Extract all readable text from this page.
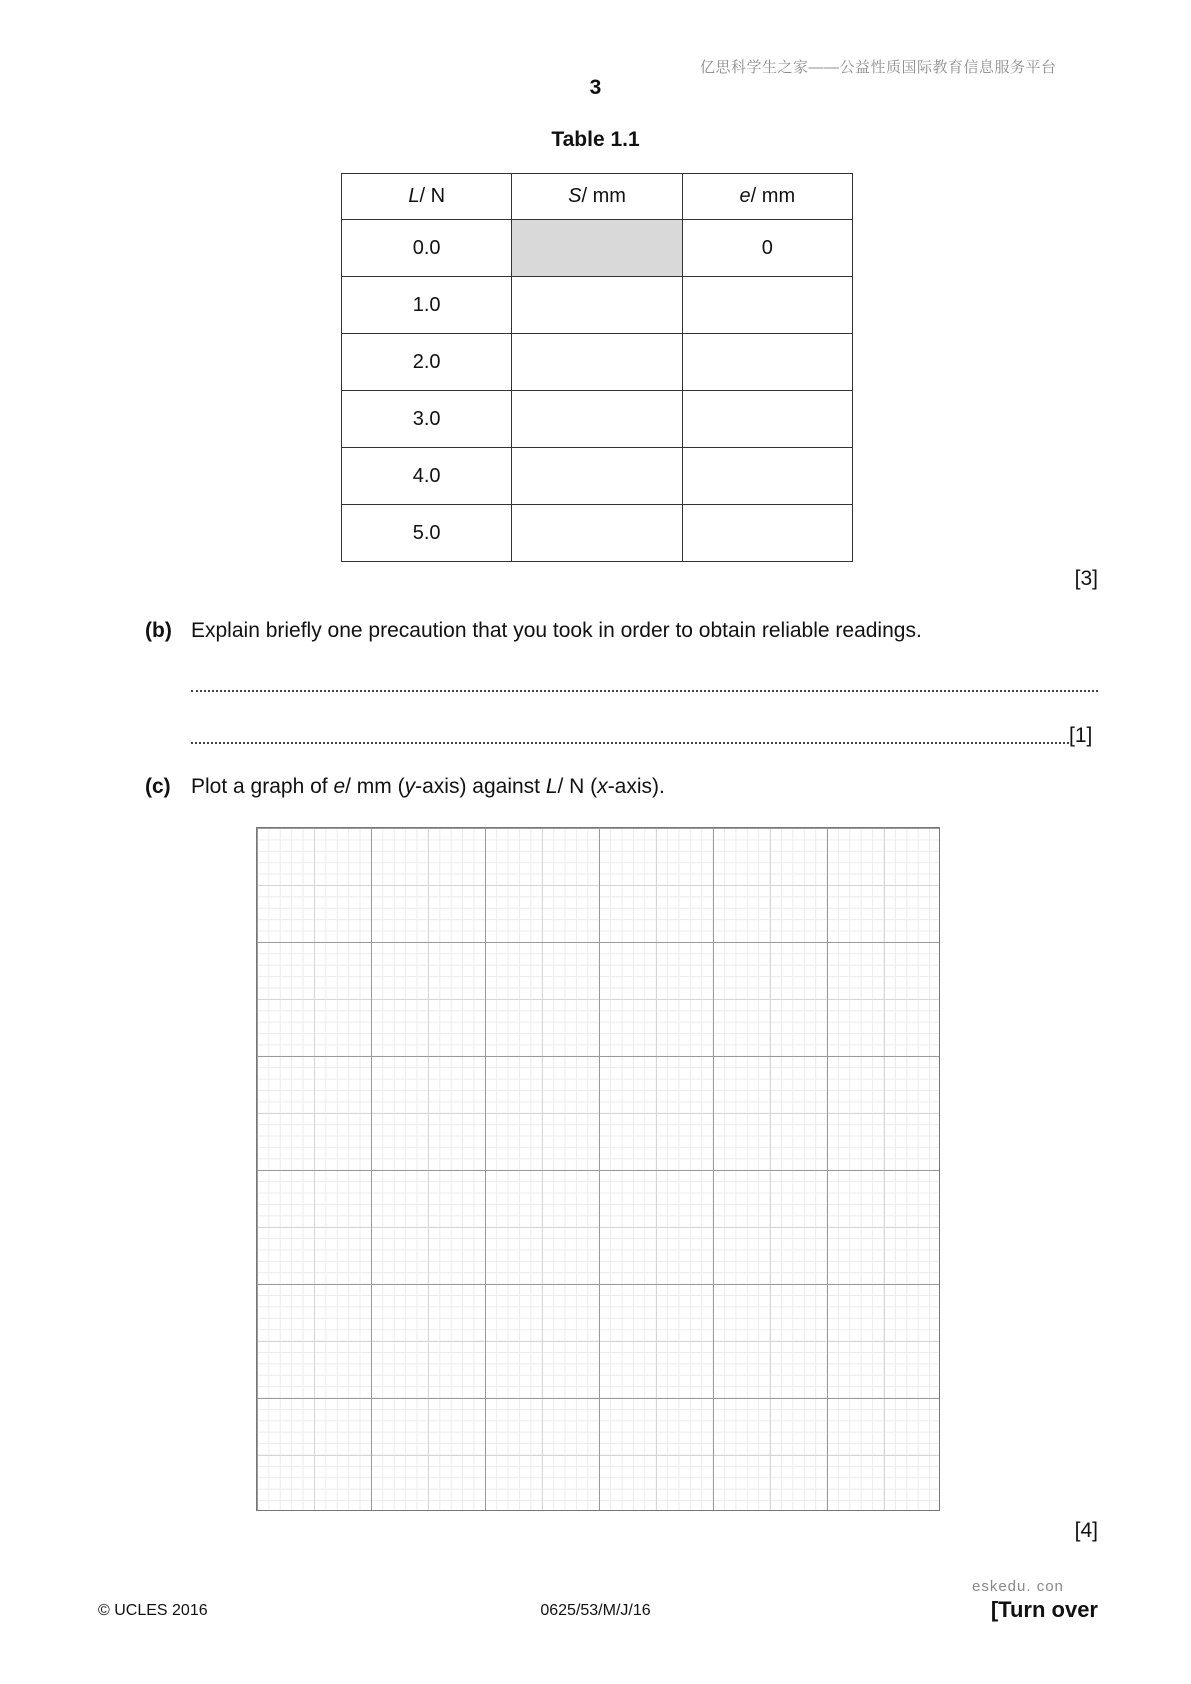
亿思科学生之家——公益性质国际教育信息服务平台
3
Table 1.1
L/ N	S/ mm	e/ mm
0.0		0
1.0		
2.0		
3.0		
4.0		
5.0		
[3]
(b) Explain briefly one precaution that you took in order to obtain reliable readings.
[1]
(c) Plot a graph of e/ mm (y-axis) against L/ N (x-axis).
[4]
eskedu. con
© UCLES 2016	0625/53/M/J/16	[Turn over
